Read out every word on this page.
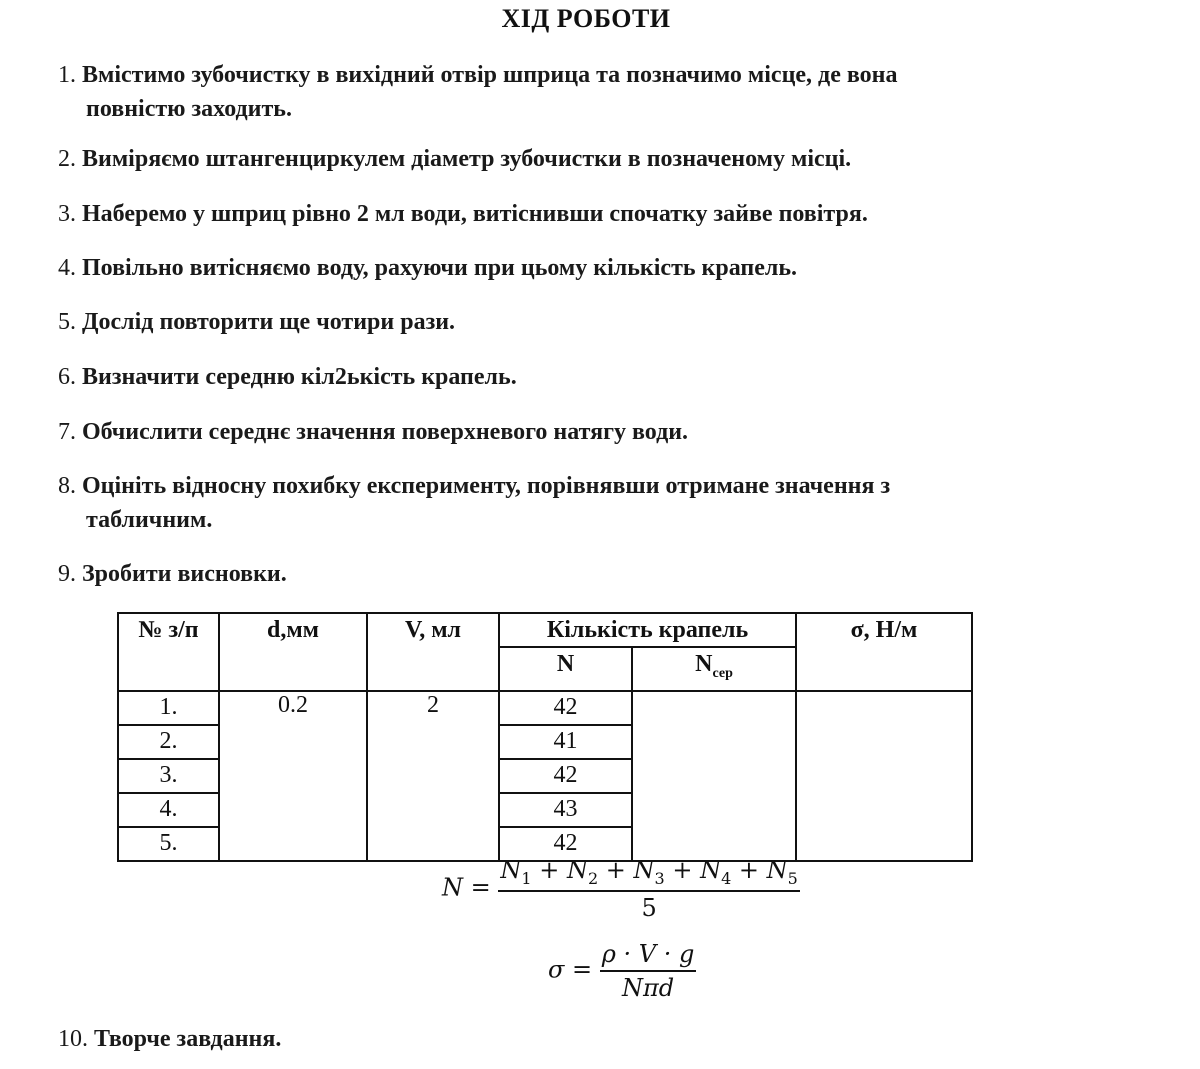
ХІД РОБОТИ
1. Вмістимо зубочистку в вихідний отвір шприца та позначимо місце, де вона
повністю заходить.
2. Виміряємо штангенциркулем діаметр зубочистки в позначеному місці.
3. Наберемо у шприц рівно 2 мл води, витіснивши спочатку зайве повітря.
4. Повільно витісняємо воду, рахуючи при цьому кількість крапель.
5. Дослід повторити ще чотири рази.
6. Визначити середню кіл2ькість крапель.
7. Обчислити середнє значення поверхневого натягу води.
8. Оцініть відносну похибку експерименту, порівнявши отримане значення з
табличним.
9. Зробити висновки.
№ з/п	d,мм	V, мл	Кількість крапель		σ, Н/м
			N	$N_{сер}$
1.	0.2	2	42		
2.			41		
3.			42		
4.			43		
5.			42		
$N = \frac{N_1 + N_2 + N_3 + N_4 + N_5}{5}$
$\sigma = \frac{\rho \cdot V \cdot g}{\text{Nπd}}$
10. Творче завдання.
